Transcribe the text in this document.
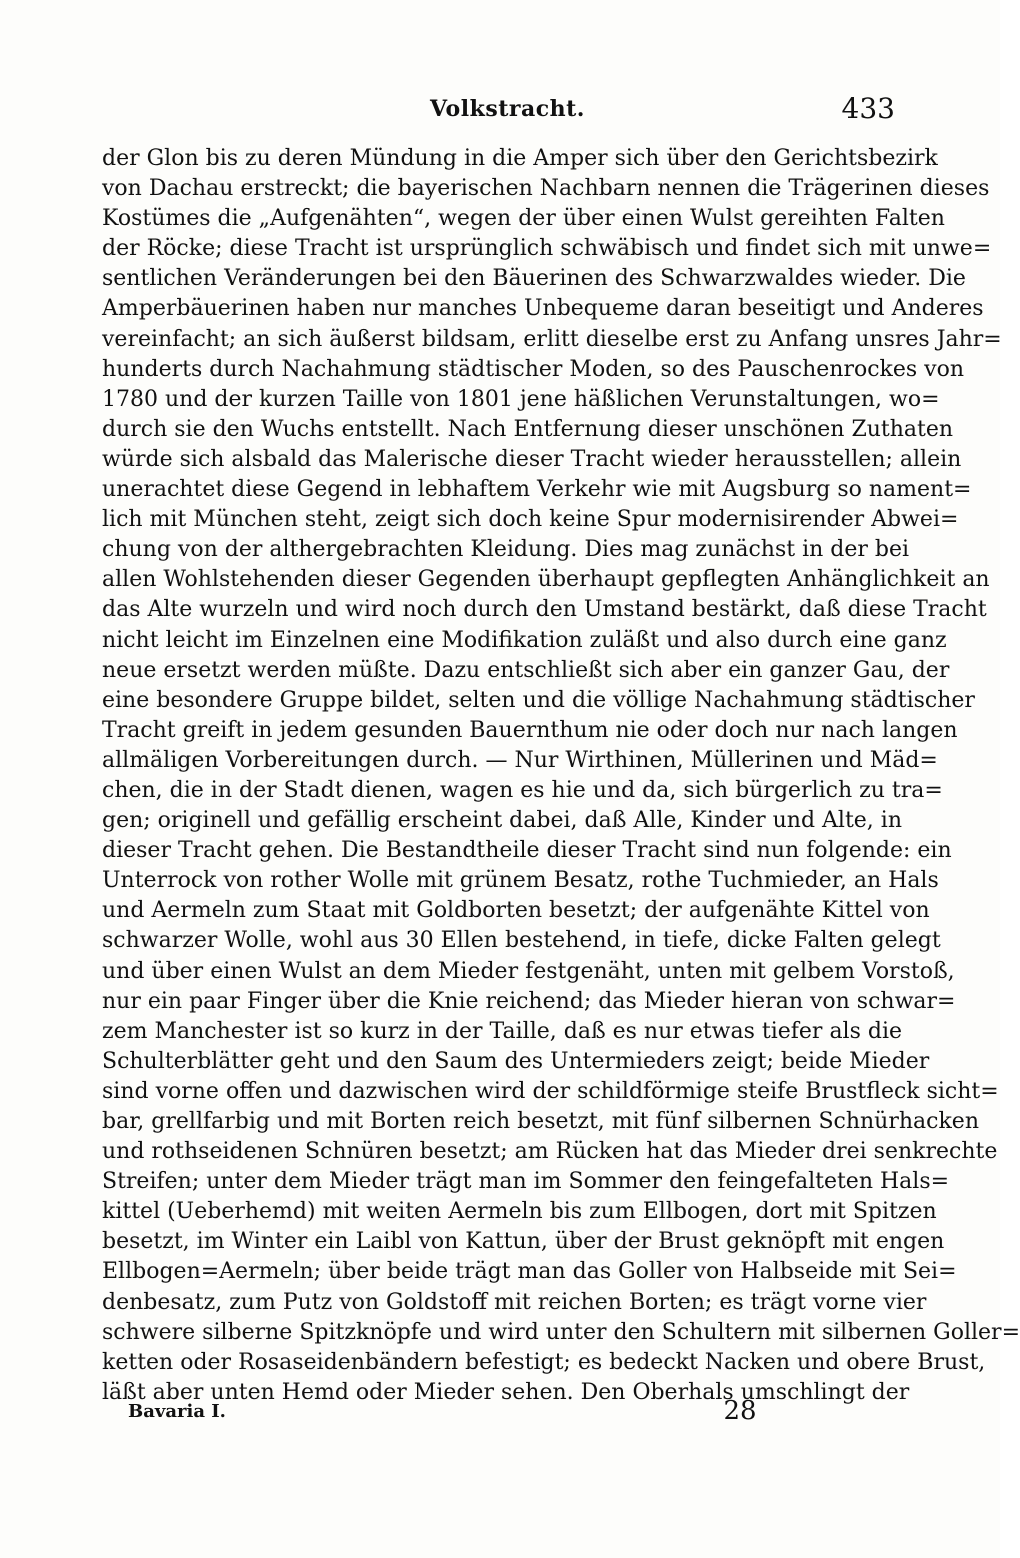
Volkstracht.	433
der Glon bis zu deren Mündung in die Amper sich über den Gerichtsbezirk
von Dachau erstreckt; die bayerischen Nachbarn nennen die Trägerinen dieses
Kostümes die „Aufgenähten“, wegen der über einen Wulst gereihten Falten
der Röcke; diese Tracht ist ursprünglich schwäbisch und findet sich mit unwe=
sentlichen Veränderungen bei den Bäuerinen des Schwarzwaldes wieder. Die
Amperbäuerinen haben nur manches Unbequeme daran beseitigt und Anderes
vereinfacht; an sich äußerst bildsam, erlitt dieselbe erst zu Anfang unsres Jahr=
hunderts durch Nachahmung städtischer Moden, so des Pauschenrockes von
1780 und der kurzen Taille von 1801 jene häßlichen Verunstaltungen, wo=
durch sie den Wuchs entstellt. Nach Entfernung dieser unschönen Zuthaten
würde sich alsbald das Malerische dieser Tracht wieder herausstellen; allein
unerachtet diese Gegend in lebhaftem Verkehr wie mit Augsburg so nament=
lich mit München steht, zeigt sich doch keine Spur modernisirender Abwei=
chung von der althergebrachten Kleidung. Dies mag zunächst in der bei
allen Wohlstehenden dieser Gegenden überhaupt gepflegten Anhänglichkeit an
das Alte wurzeln und wird noch durch den Umstand bestärkt, daß diese Tracht
nicht leicht im Einzelnen eine Modifikation zuläßt und also durch eine ganz
neue ersetzt werden müßte. Dazu entschließt sich aber ein ganzer Gau, der
eine besondere Gruppe bildet, selten und die völlige Nachahmung städtischer
Tracht greift in jedem gesunden Bauernthum nie oder doch nur nach langen
allmäligen Vorbereitungen durch. — Nur Wirthinen, Müllerinen und Mäd=
chen, die in der Stadt dienen, wagen es hie und da, sich bürgerlich zu tra=
gen; originell und gefällig erscheint dabei, daß Alle, Kinder und Alte, in
dieser Tracht gehen. Die Bestandtheile dieser Tracht sind nun folgende: ein
Unterrock von rother Wolle mit grünem Besatz, rothe Tuchmieder, an Hals
und Aermeln zum Staat mit Goldborten besetzt; der aufgenähte Kittel von
schwarzer Wolle, wohl aus 30 Ellen bestehend, in tiefe, dicke Falten gelegt
und über einen Wulst an dem Mieder festgenäht, unten mit gelbem Vorstoß,
nur ein paar Finger über die Knie reichend; das Mieder hieran von schwar=
zem Manchester ist so kurz in der Taille, daß es nur etwas tiefer als die
Schulterblätter geht und den Saum des Untermieders zeigt; beide Mieder
sind vorne offen und dazwischen wird der schildförmige steife Brustfleck sicht=
bar, grellfarbig und mit Borten reich besetzt, mit fünf silbernen Schnürhacken
und rothseidenen Schnüren besetzt; am Rücken hat das Mieder drei senkrechte
Streifen; unter dem Mieder trägt man im Sommer den feingefalteten Hals=
kittel (Ueberhemd) mit weiten Aermeln bis zum Ellbogen, dort mit Spitzen
besetzt, im Winter ein Laibl von Kattun, über der Brust geknöpft mit engen
Ellbogen=Aermeln; über beide trägt man das Goller von Halbseide mit Sei=
denbesatz, zum Putz von Goldstoff mit reichen Borten; es trägt vorne vier
schwere silberne Spitzknöpfe und wird unter den Schultern mit silbernen Goller=
ketten oder Rosaseidenbändern befestigt; es bedeckt Nacken und obere Brust,
läßt aber unten Hemd oder Mieder sehen. Den Oberhals umschlingt der
Bavaria I.	28
